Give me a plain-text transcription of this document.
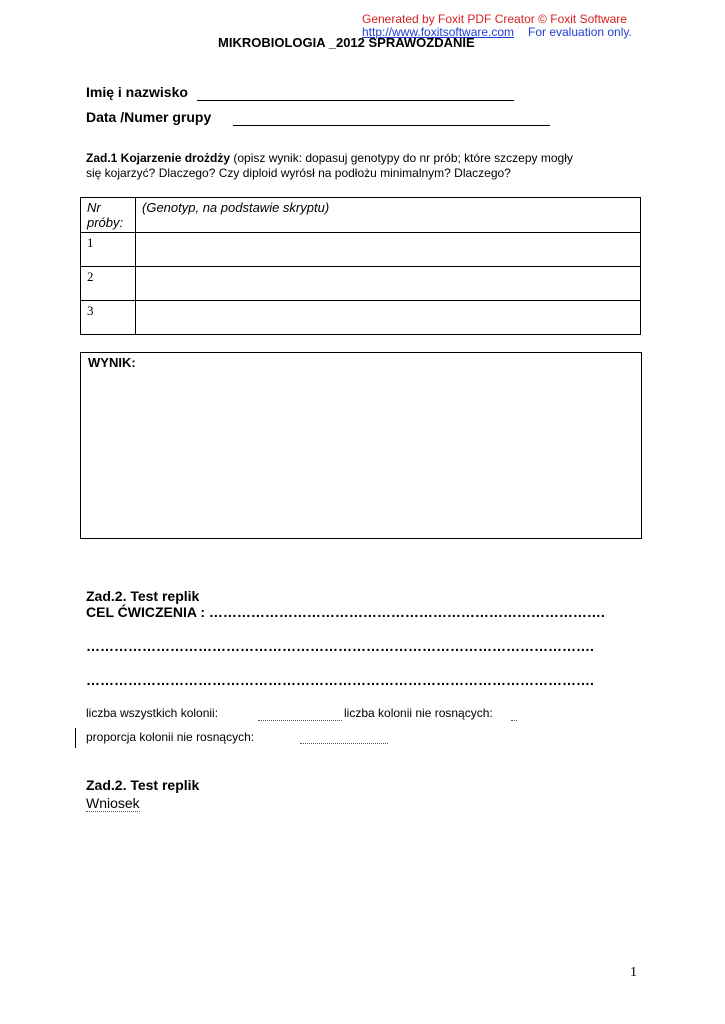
Generated by Foxit PDF Creator © Foxit Software
http://www.foxitsoftware.com For evaluation only.
MIKROBIOLOGIA _2012 SPRAWOZDANIE
Imię i nazwisko
Data /Numer grupy
Zad.1 Kojarzenie drożdży (opisz wynik: dopasuj genotypy do nr prób; które szczepy mogły
się kojarzyć? Dlaczego? Czy diploid wyrósł na podłożu minimalnym? Dlaczego?
Nr
próby:	(Genotyp, na podstawie skryptu)
1	
2	
3	
WYNIK:
Zad.2. Test replik
CEL ĆWICZENIA : ………………………………………………………………………….
……………………………………………………………………………………………….
……………………………………………………………………………………………….
liczba wszystkich kolonii:	liczba kolonii nie rosnących:
proporcja kolonii nie rosnących:
Zad.2. Test replik
Wniosek
1
